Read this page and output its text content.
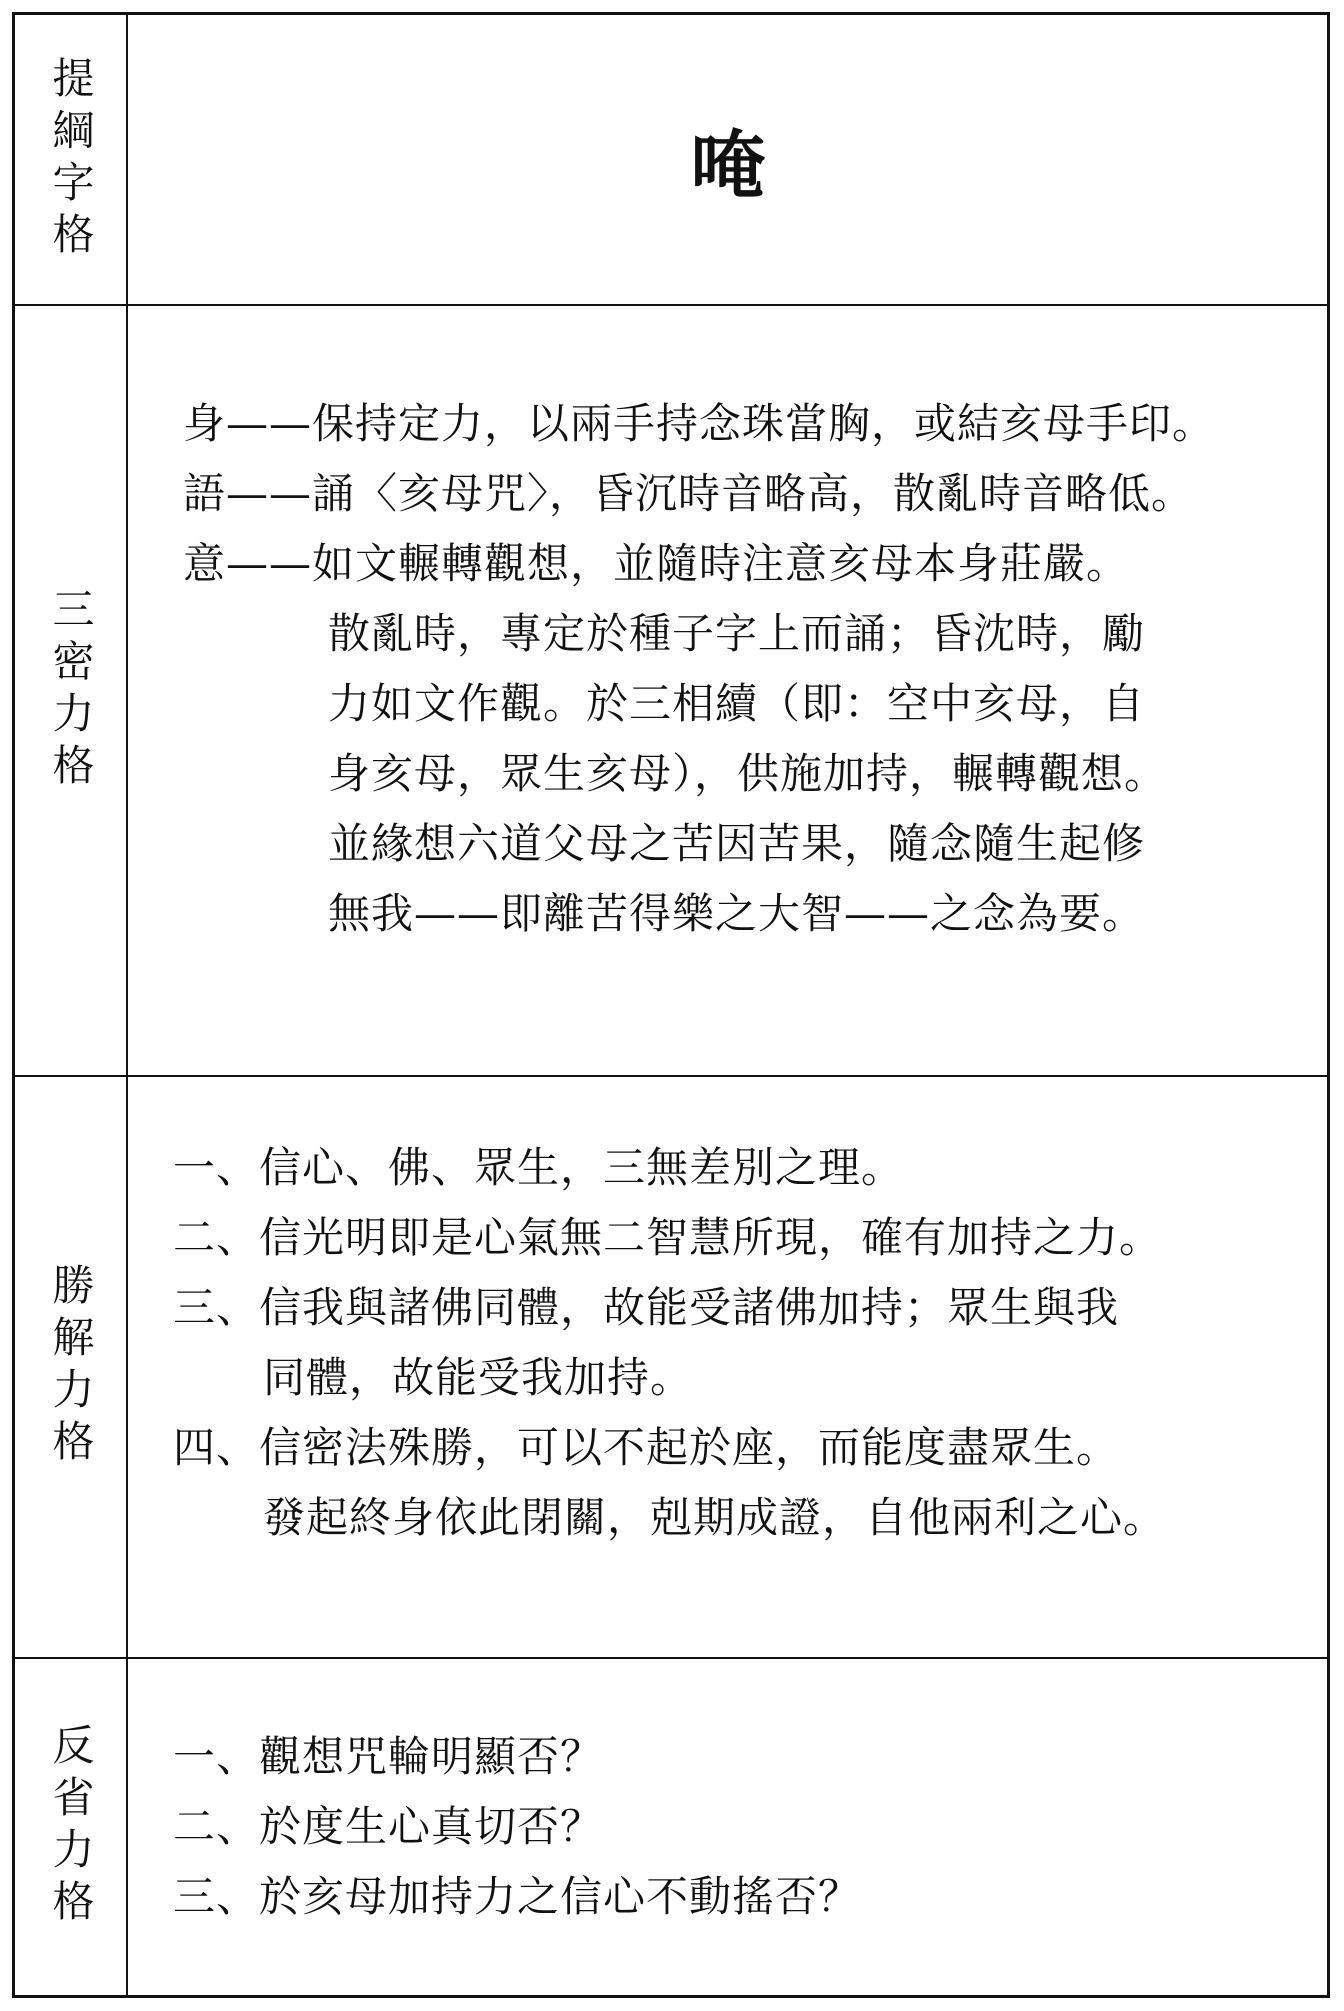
提綱字格	唵
三密力格
身——保持定力，以兩手持念珠當胸，或結亥母手印。
語——誦〈亥母咒〉，昏沉時音略高，散亂時音略低。
意——如文輾轉觀想，並隨時注意亥母本身莊嚴。
散亂時，專定於種子字上而誦；昏沈時，勵
力如文作觀。於三相續（即：空中亥母，自
身亥母，眾生亥母），供施加持，輾轉觀想。
並緣想六道父母之苦因苦果，隨念隨生起修
無我——即離苦得樂之大智——之念為要。
勝解力格
一、信心、佛、眾生，三無差別之理。
二、信光明即是心氣無二智慧所現，確有加持之力。
三、信我與諸佛同體，故能受諸佛加持；眾生與我
同體，故能受我加持。
四、信密法殊勝，可以不起於座，而能度盡眾生。
發起終身依此閉關，剋期成證，自他兩利之心。
反省力格 一、觀想咒輪明顯否？
二、於度生心真切否？
三、於亥母加持力之信心不動搖否？
